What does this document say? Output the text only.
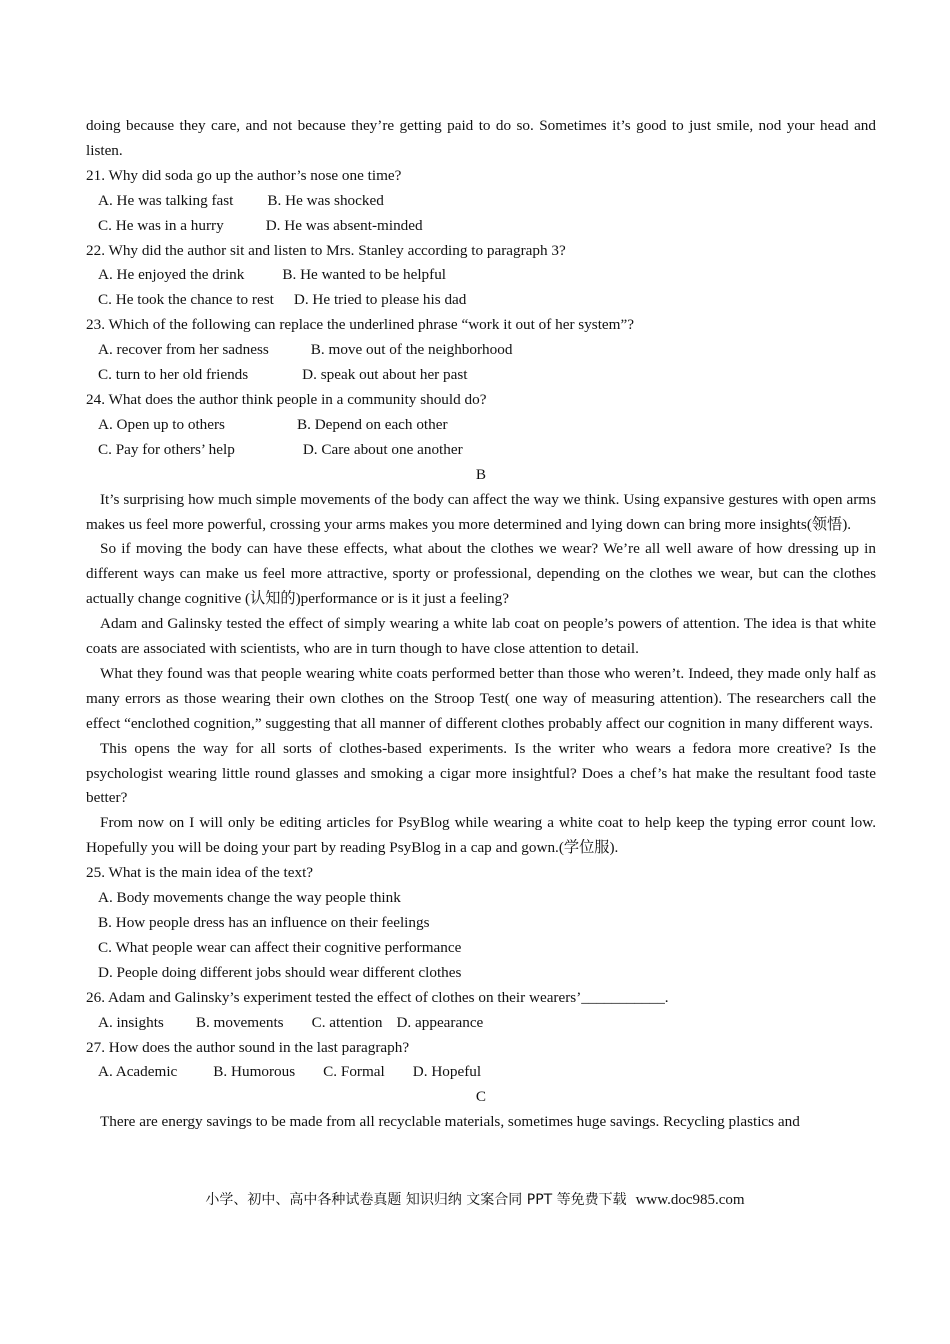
doing because they care, and not because they’re getting paid to do so. Sometimes it’s good to just smile, nod your head and listen.
21. Why did soda go up the author’s nose one time?
A. He was talking fast B. He was shocked
C. He was in a hurry	D. He was absent-minded
22. Why did the author sit and listen to Mrs. Stanley according to paragraph 3?
A. He enjoyed the drink	B. He wanted to be helpful
C. He took the chance to rest D. He tried to please his dad
23. Which of the following can replace the underlined phrase “work it out of her system”?
A. recover from her sadness	B. move out of the neighborhood
C. turn to her old friends	D. speak out about her past
24. What does the author think people in a community should do?
A. Open up to others	B. Depend on each other
C. Pay for others’ help	D. Care about one another
B
It’s surprising how much simple movements of the body can affect the way we think. Using expansive gestures with open arms makes us feel more powerful, crossing your arms makes you more determined and lying down can bring more insights(领悟).
So if moving the body can have these effects, what about the clothes we wear? We’re all well aware of how dressing up in different ways can make us feel more attractive, sporty or professional, depending on the clothes we wear, but can the clothes actually change cognitive (认知的)performance or is it just a feeling?
Adam and Galinsky tested the effect of simply wearing a white lab coat on people’s powers of attention. The idea is that white coats are associated with scientists, who are in turn though to have close attention to detail.
What they found was that people wearing white coats performed better than those who weren’t. Indeed, they made only half as many errors as those wearing their own clothes on the Stroop Test( one way of measuring attention). The researchers call the effect “enclothed cognition,” suggesting that all manner of different clothes probably affect our cognition in many different ways.
This opens the way for all sorts of clothes-based experiments. Is the writer who wears a fedora more creative? Is the psychologist wearing little round glasses and smoking a cigar more insightful? Does a chef’s hat make the resultant food taste better?
From now on I will only be editing articles for PsyBlog while wearing a white coat to help keep the typing error count low. Hopefully you will be doing your part by reading PsyBlog in a cap and gown.(学位服).
25. What is the main idea of the text?
A. Body movements change the way people think
B. How people dress has an influence on their feelings
C. What people wear can affect their cognitive performance
D. People doing different jobs should wear different clothes
26. Adam and Galinsky’s experiment tested the effect of clothes on their wearers’___________.
A. insights B. movements C. attention D. appearance
27. How does the author sound in the last paragraph?
A. Academic B. Humorous C. Formal D. Hopeful
C
There are energy savings to be made from all recyclable materials, sometimes huge savings. Recycling plastics and
小学、初中、高中各种试卷真题 知识归纳 文案合同 PPT 等免费下载 www.doc985.com
